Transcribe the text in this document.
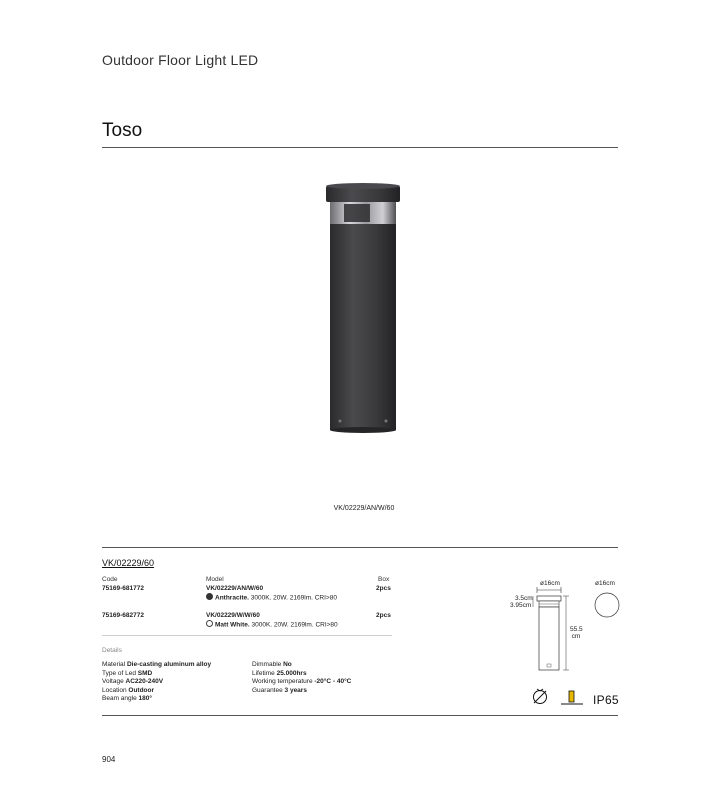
Outdoor Floor Light LED
Toso
VK/02229/AN/W/60
VK/02229/60
Code	Model	Box
75169-681772	VK/02229/AN/W/60
Anthracite. 3000K. 20W. 2169lm. CRI>80
2pcs
75169-682772	VK/02229/W/W/60
Matt White. 3000K. 20W. 2169lm. CRI>80
2pcs
Details
Material Die-casting aluminum alloy
Type of Led SMD
Voltage AC220-240V
Location Outdoor
Beam angle 180°
Dimmable No
Lifetime 25.000hrs
Working temperature -20°C - 40°C
Guarantee 3 years
ø16cm	ø16cm
3.5cm
3.95cm
55.5
cm
IP65
904
